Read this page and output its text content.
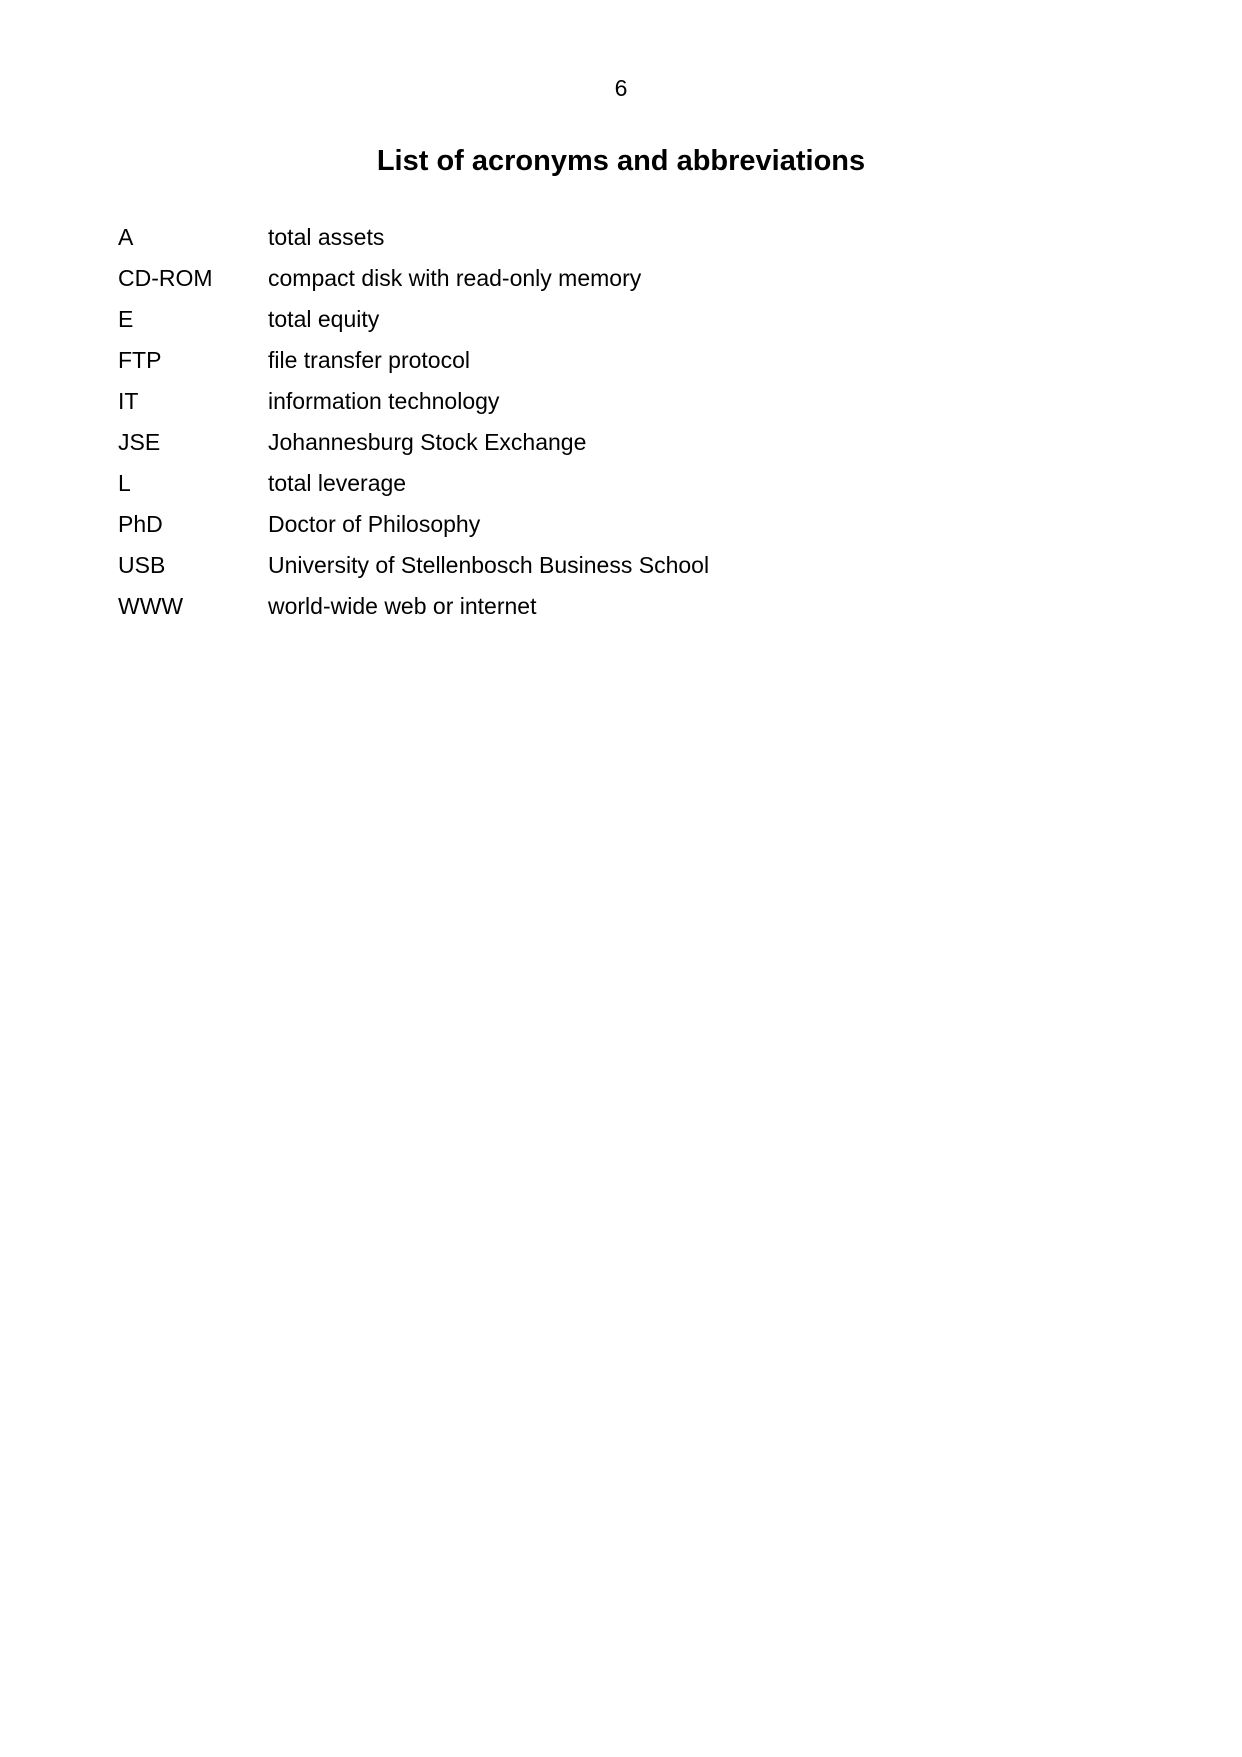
6
List of acronyms and abbreviations
A	total assets
CD-ROM	compact disk with read-only memory
E	total equity
FTP	file transfer protocol
IT	information technology
JSE	Johannesburg Stock Exchange
L	total leverage
PhD	Doctor of Philosophy
USB	University of Stellenbosch Business School
WWW	world-wide web or internet
